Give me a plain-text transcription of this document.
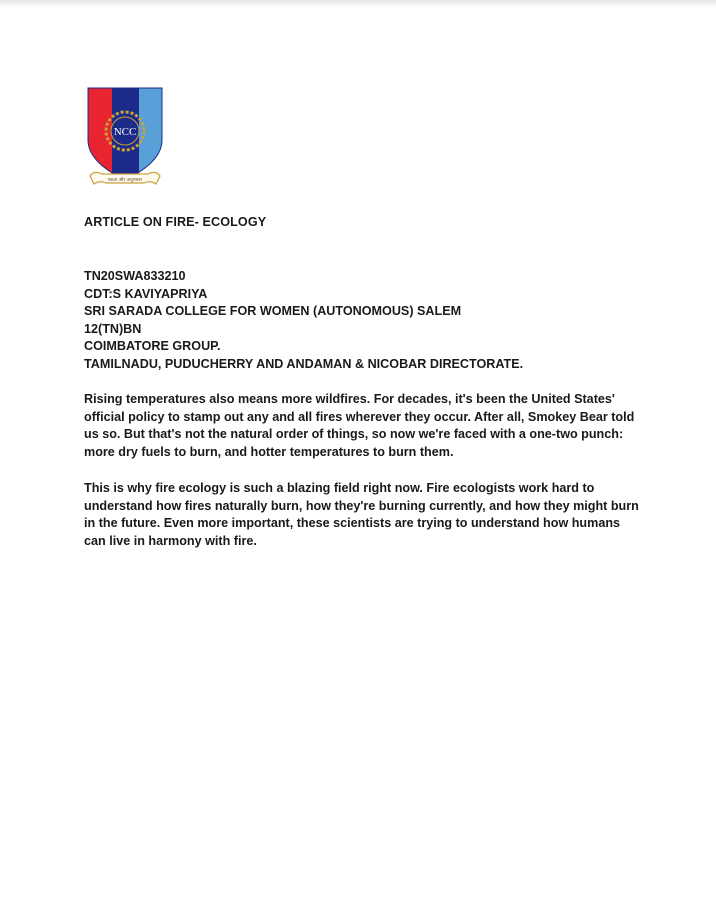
NCC
एकता और अनुशासन
ARTICLE ON FIRE- ECOLOGY
TN20SWA833210
CDT:S KAVIYAPRIYA
SRI SARADA COLLEGE FOR WOMEN (AUTONOMOUS) SALEM
12(TN)BN
COIMBATORE GROUP.
TAMILNADU, PUDUCHERRY AND ANDAMAN & NICOBAR DIRECTORATE.

Rising temperatures also means more wildfires. For decades, it's been the United States' official policy to stamp out any and all fires wherever they occur. After all, Smokey Bear told us so. But that's not the natural order of things, so now we're faced with a one-two punch: more dry fuels to burn, and hotter temperatures to burn them.

This is why fire ecology is such a blazing field right now. Fire ecologists work hard to understand how fires naturally burn, how they're burning currently, and how they might burn in the future. Even more important, these scientists are trying to understand how humans can live in harmony with fire.
